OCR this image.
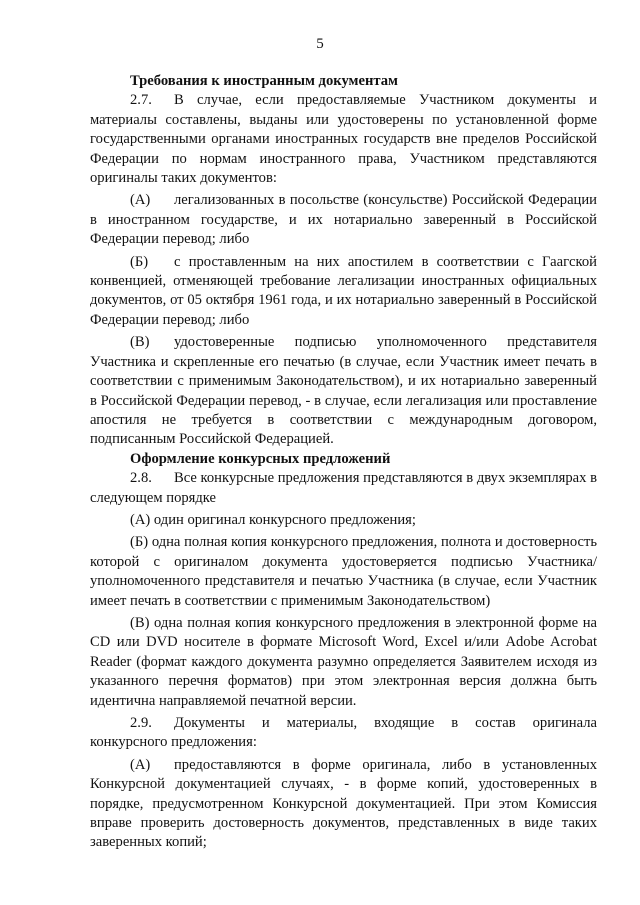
5

Требования к иностранным документам

2.7. В случае, если предоставляемые Участником документы и материалы составлены, выданы или удостоверены по установленной форме государственными органами иностранных государств вне пределов Российской Федерации по нормам иностранного права, Участником представляются оригиналы таких документов:

(А) легализованных в посольстве (консульстве) Российской Федерации в иностранном государстве, и их нотариально заверенный в Российской Федерации перевод; либо

(Б) с проставленным на них апостилем в соответствии с Гаагской конвенцией, отменяющей требование легализации иностранных официальных документов, от 05 октября 1961 года, и их нотариально заверенный в Российской Федерации перевод; либо

(В) удостоверенные подписью уполномоченного представителя Участника и скрепленные его печатью (в случае, если Участник имеет печать в соответствии с применимым Законодательством), и их нотариально заверенный в Российской Федерации перевод, - в случае, если легализация или проставление апостиля не требуется в соответствии с международным договором, подписанным Российской Федерацией.

Оформление конкурсных предложений

2.8. Все конкурсные предложения представляются в двух экземплярах в следующем порядке

(А) один оригинал конкурсного предложения;

(Б) одна полная копия конкурсного предложения, полнота и достоверность которой с оригиналом документа удостоверяется подписью Участника/уполномоченного представителя и печатью Участника (в случае, если Участник имеет печать в соответствии с применимым Законодательством)

(В) одна полная копия конкурсного предложения в электронной форме на CD или DVD носителе в формате Microsoft Word, Excel и/или Adobe Acrobat Reader (формат каждого документа разумно определяется Заявителем исходя из указанного перечня форматов) при этом электронная версия должна быть идентична направляемой печатной версии.

2.9. Документы и материалы, входящие в состав оригинала конкурсного предложения:

(А) предоставляются в форме оригинала, либо в установленных Конкурсной документацией случаях, - в форме копий, удостоверенных в порядке, предусмотренном Конкурсной документацией. При этом Комиссия вправе проверить достоверность документов, представленных в виде таких заверенных копий;
